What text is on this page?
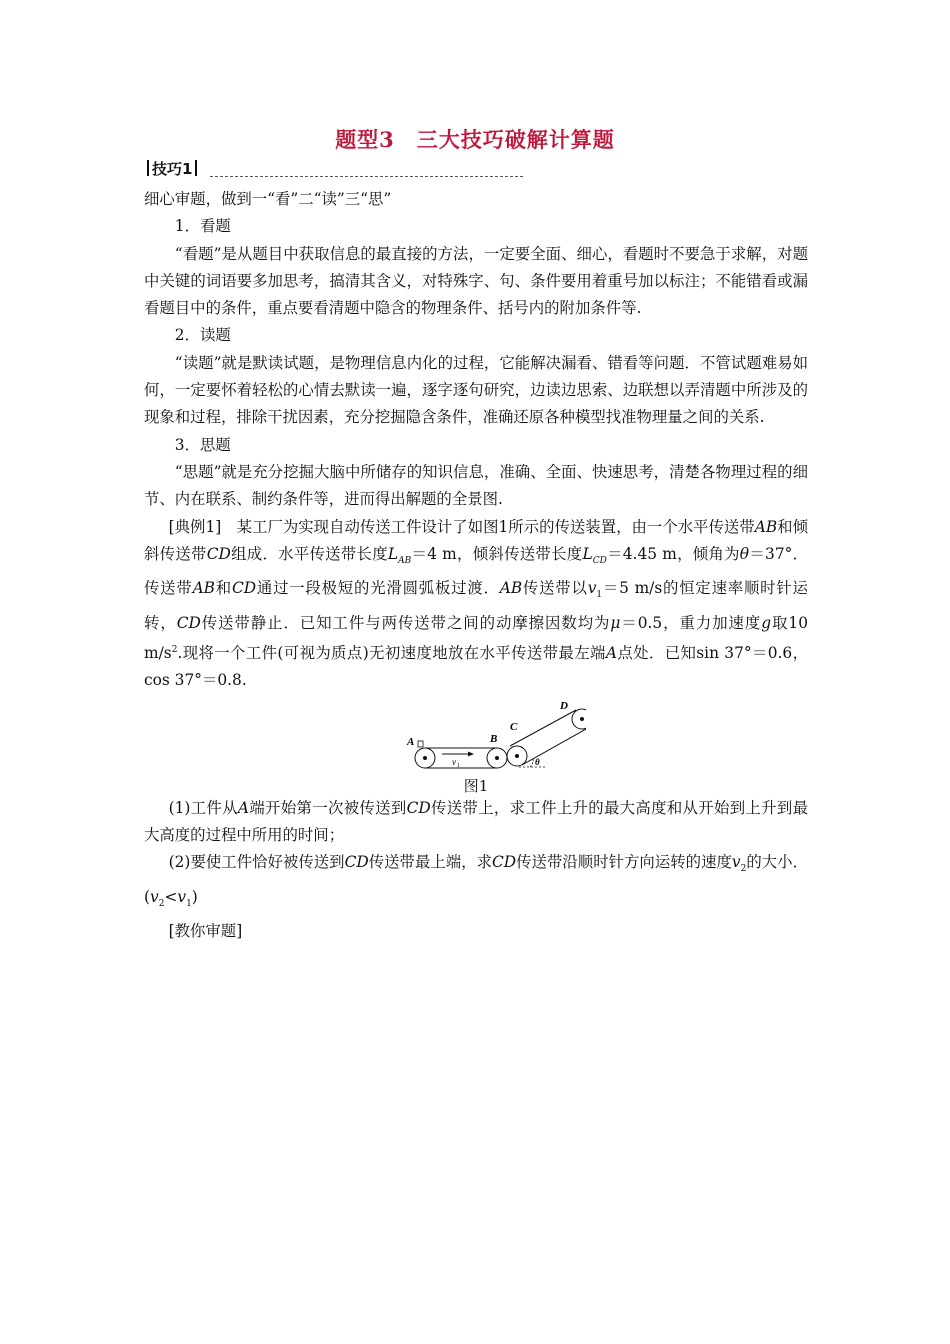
题型3　三大技巧破解计算题
技巧1

细心审题，做到一“看”二“读”三“思”

1．看题

“看题”是从题目中获取信息的最直接的方法，一定要全面、细心，看题时不要急于求解，对题中关键的词语要多加思考，搞清其含义，对特殊字、句、条件要用着重号加以标注；不能错看或漏看题目中的条件，重点要看清题中隐含的物理条件、括号内的附加条件等.

2．读题

“读题”就是默读试题，是物理信息内化的过程，它能解决漏看、错看等问题．不管试题难易如何，一定要怀着轻松的心情去默读一遍，逐字逐句研究，边读边思索、边联想以弄清题中所涉及的现象和过程，排除干扰因素，充分挖掘隐含条件，准确还原各种模型找准物理量之间的关系.

3．思题

“思题”就是充分挖掘大脑中所储存的知识信息，准确、全面、快速思考，清楚各物理过程的细节、内在联系、制约条件等，进而得出解题的全景图.

[典例1]　 某工厂为实现自动传送工件设计了如图1所示的传送装置，由一个水平传送带AB和倾斜传送带CD组成．水平传送带长度$L_{AB}=4$ m，倾斜传送带长度$L_{CD}=4.45$ m，倾角为θ＝37°．传送带AB和CD通过一段极短的光滑圆弧板过渡．AB传送带以$v_1=5$ m/s的恒定速率顺时针运转，CD传送带静止．已知工件与两传送带之间的动摩擦因数均为μ＝0.5，重力加速度g取10 $m/s^2$.现将一个工件(可视为质点)无初速度地放在水平传送带最左端A点处．已知sin 37°＝0.6，cos 37°＝0.8.

A	B
C
D
v 1	θ
图1

(1)工件从A端开始第一次被传送到CD传送带上，求工件上升的最大高度和从开始到上升到最大高度的过程中所用的时间；

(2)要使工件恰好被传送到CD传送带最上端，求CD传送带沿顺时针方向运转的速度$v_2$的大小．$(v_2<v_1)$

[教你审题]
